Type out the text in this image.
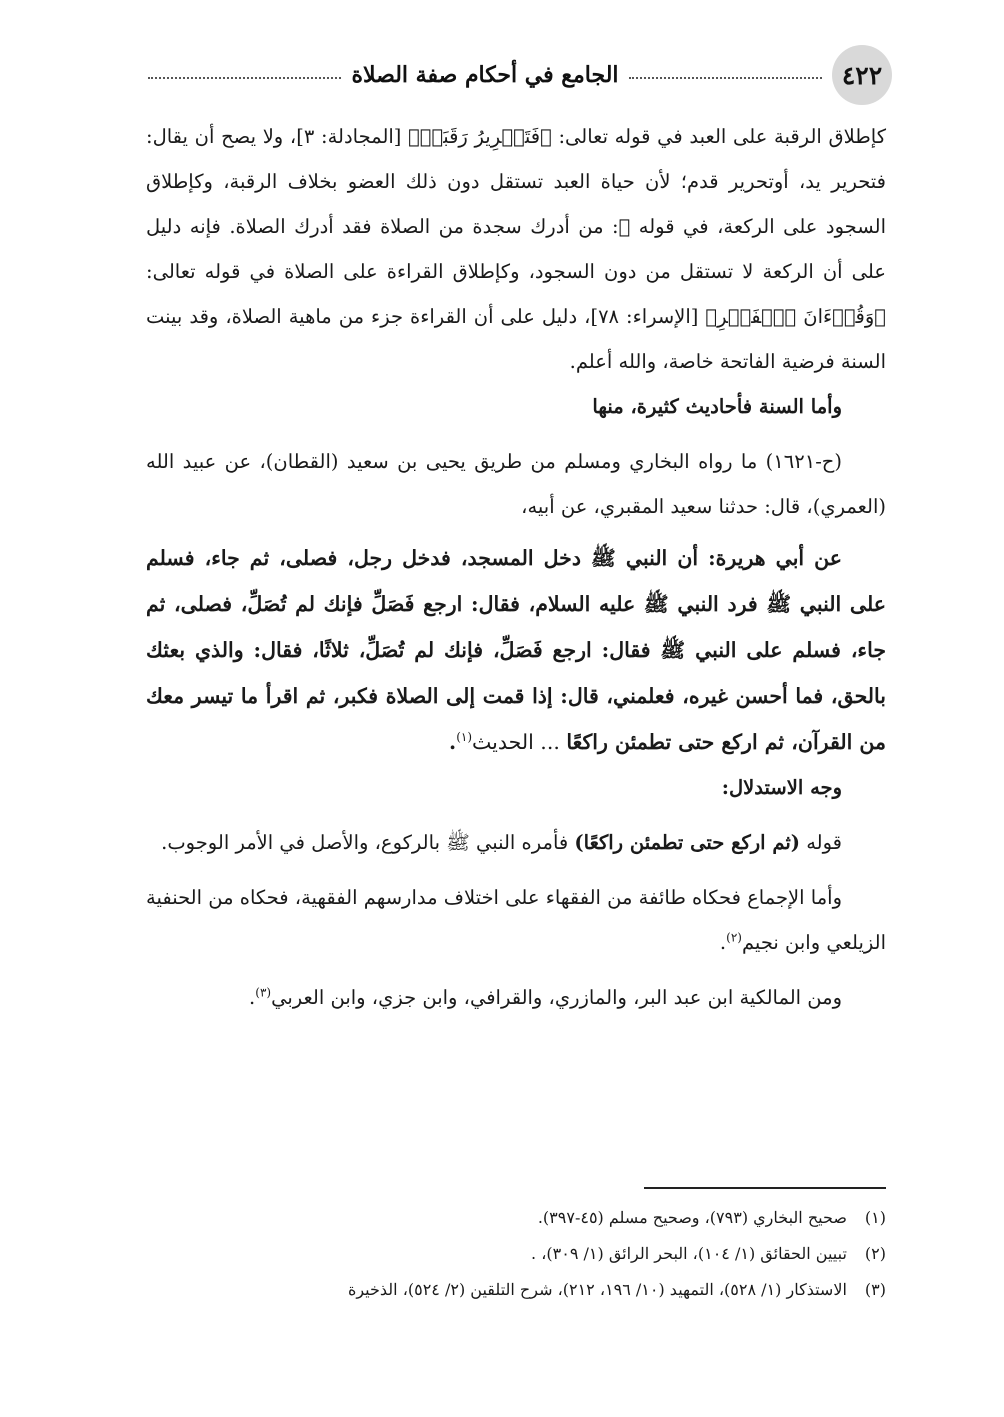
٤٢٢
الجامع في أحكام صفة الصلاة

كإطلاق الرقبة على العبد في قوله تعالى: ﴿فَتَحۡرِيرُ رَقَبَةٖ﴾ [المجادلة: ٣]، ولا يصح أن يقال: فتحرير يد، أوتحرير قدم؛ لأن حياة العبد تستقل دون ذلك العضو بخلاف الرقبة، وكإطلاق السجود على الركعة، في قوله ﷺ: من أدرك سجدة من الصلاة فقد أدرك الصلاة. فإنه دليل على أن الركعة لا تستقل من دون السجود، وكإطلاق القراءة على الصلاة في قوله تعالى: ﴿وَقُرۡءَانَ ٱلۡفَجۡرِ﴾ [الإسراء: ٧٨]، دليل على أن القراءة جزء من ماهية الصلاة، وقد بينت السنة فرضية الفاتحة خاصة، والله أعلم.

وأما السنة فأحاديث كثيرة، منها

(ح-١٦٢١) ما رواه البخاري ومسلم من طريق يحيى بن سعيد (القطان)، عن عبيد الله (العمري)، قال: حدثنا سعيد المقبري، عن أبيه،

عن أبي هريرة: أن النبي ﷺ دخل المسجد، فدخل رجل، فصلى، ثم جاء، فسلم على النبي ﷺ فرد النبي ﷺ عليه السلام، فقال: ارجع فَصَلِّ فإنك لم تُصَلِّ، فصلى، ثم جاء، فسلم على النبي ﷺ فقال: ارجع فَصَلِّ، فإنك لم تُصَلِّ، ثلاثًا، فقال: والذي بعثك بالحق، فما أحسن غيره، فعلمني، قال: إذا قمت إلى الصلاة فكبر، ثم اقرأ ما تيسر معك من القرآن، ثم اركع حتى تطمئن راكعًا ... الحديث$^{(١)}$.

وجه الاستدلال:

قوله (ثم اركع حتى تطمئن راكعًا) فأمره النبي ﷺ بالركوع، والأصل في الأمر الوجوب.

وأما الإجماع فحكاه طائفة من الفقهاء على اختلاف مدارسهم الفقهية، فحكاه من الحنفية الزيلعي وابن نجيم$^{(٢)}$.

ومن المالكية ابن عبد البر، والمازري، والقرافي، وابن جزي، وابن العربي$^{(٣)}$.

(١) صحيح البخاري (٧٩٣)، وصحيح مسلم (٤٥-٣٩٧).

(٢) تبيين الحقائق (١/ ١٠٤)، البحر الرائق (١/ ٣٠٩)، .

(٣) الاستذكار (١/ ٥٢٨)، التمهيد (١٠/ ١٩٦، ٢١٢)، شرح التلقين (٢/ ٥٢٤)، الذخيرة
